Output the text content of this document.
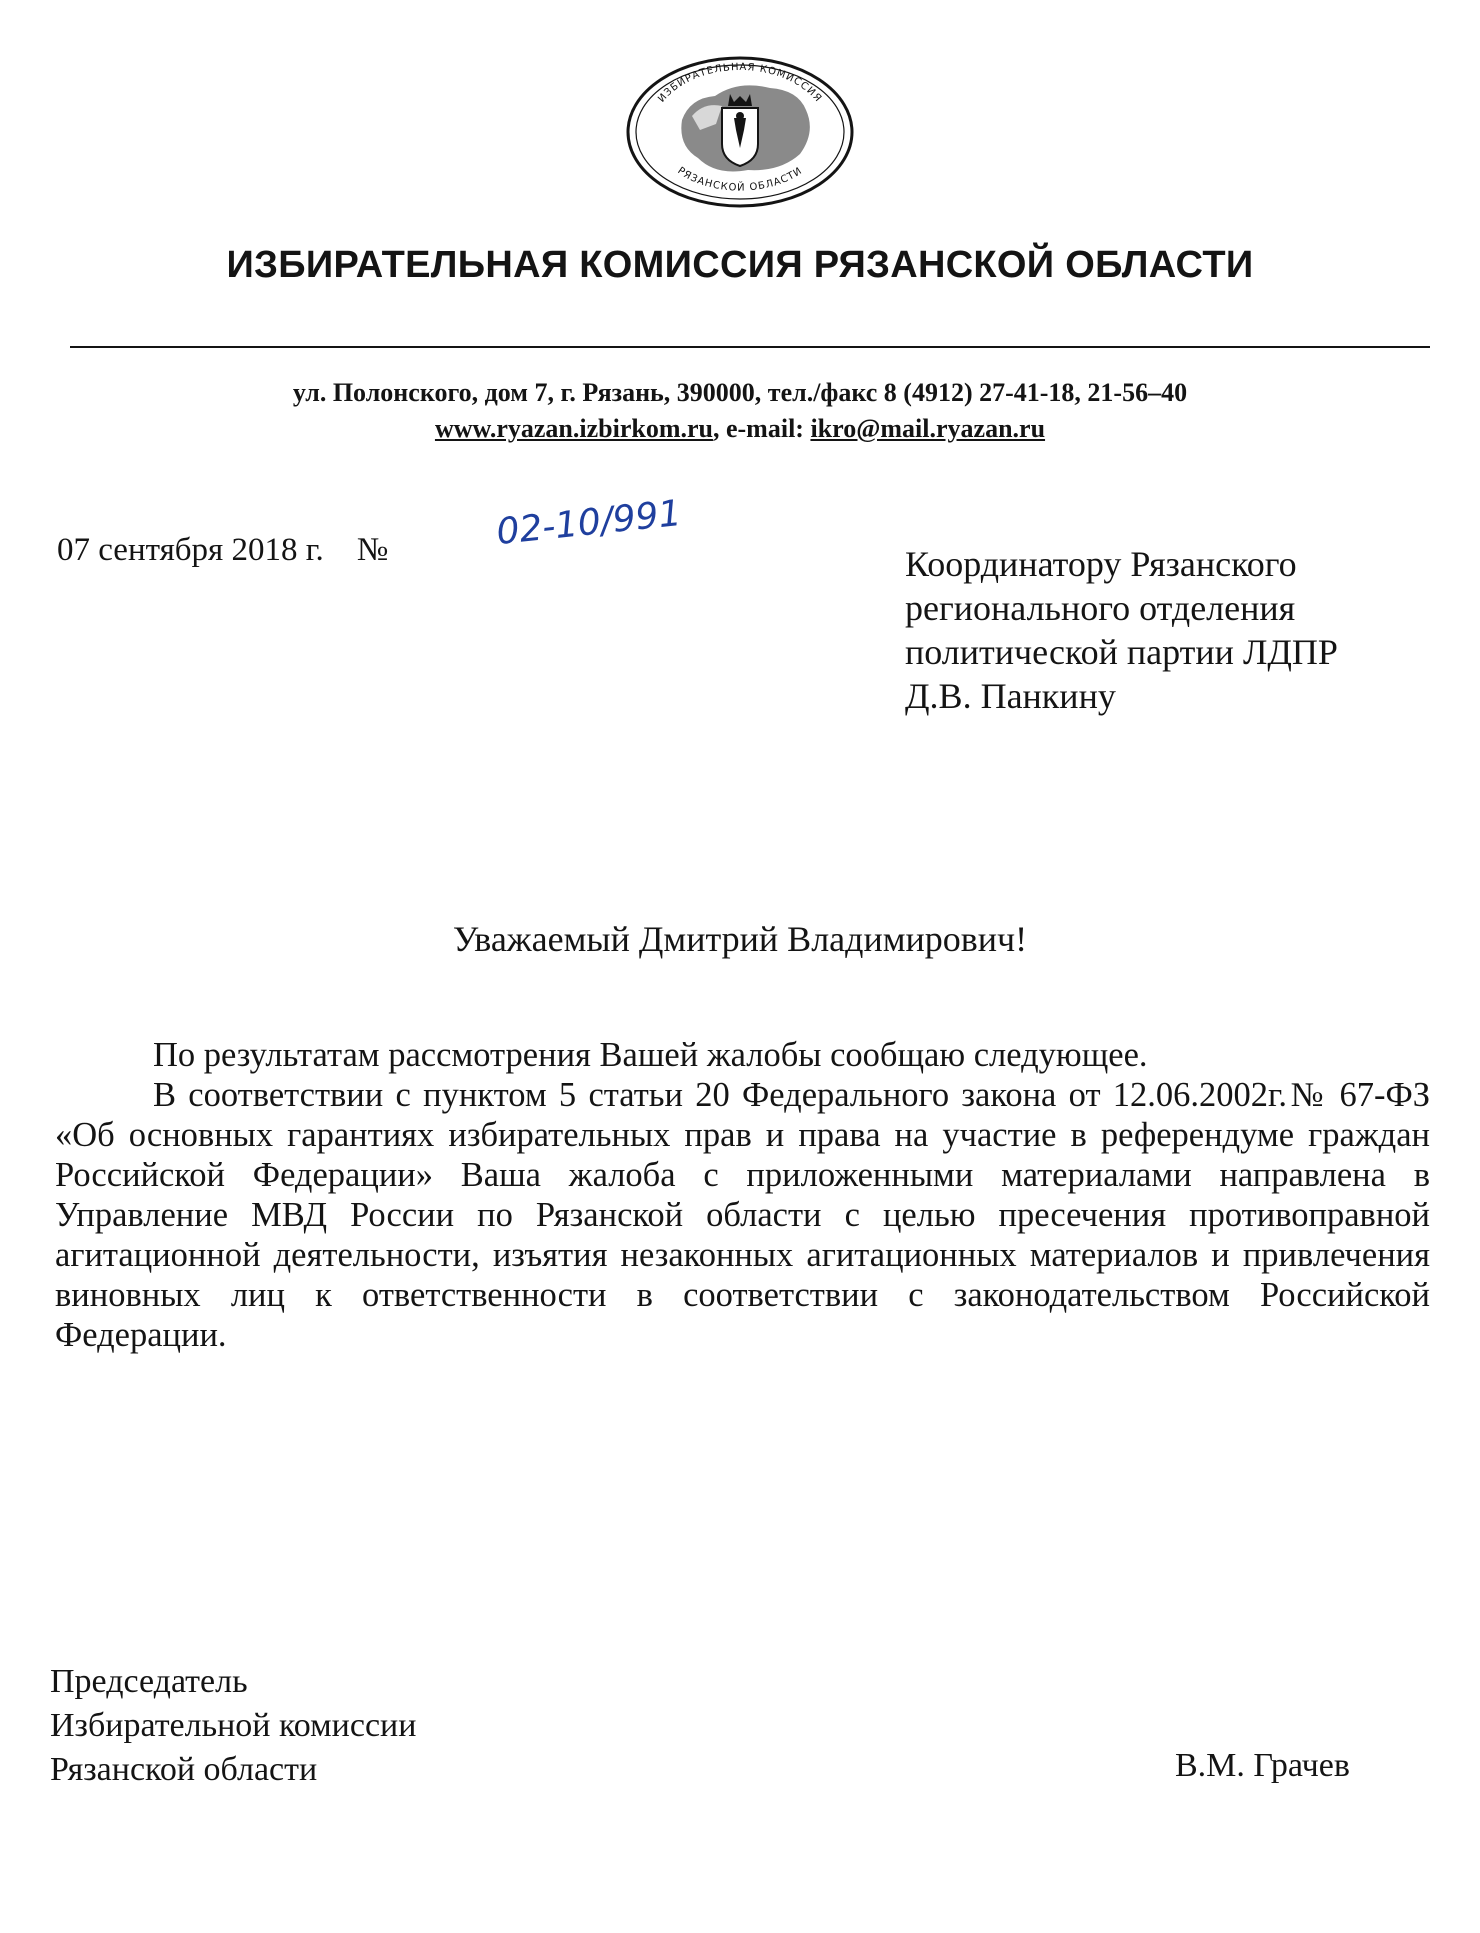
ИЗБИРАТЕЛЬНАЯ КОМИССИЯ
РЯЗАНСКОЙ ОБЛАСТИ
ИЗБИРАТЕЛЬНАЯ КОМИССИЯ РЯЗАНСКОЙ ОБЛАСТИ
ул. Полонского, дом 7, г. Рязань, 390000, тел./факс 8 (4912) 27-41-18, 21-56–40
www.ryazan.izbirkom.ru, e-mail: ikro@mail.ryazan.ru
07 сентября 2018 г. №	02-10/991
Координатору Рязанского
регионального отделения
политической партии ЛДПР
Д.В. Панкину
Уважаемый Дмитрий Владимирович!

По результатам рассмотрения Вашей жалобы сообщаю следующее.

В соответствии с пунктом 5 статьи 20 Федерального закона от 12.06.2002г.№ 67-ФЗ «Об основных гарантиях избирательных прав и права на участие в референдуме граждан Российской Федерации» Ваша жалоба с приложенными материалами направлена в Управление МВД России по Рязанской области с целью пресечения противоправной агитационной деятельности, изъятия незаконных агитационных материалов и привлечения виновных лиц к ответственности в соответствии с законодательством Российской Федерации.

Председатель
Избирательной комиссии
Рязанской области	В.М. Грачев
